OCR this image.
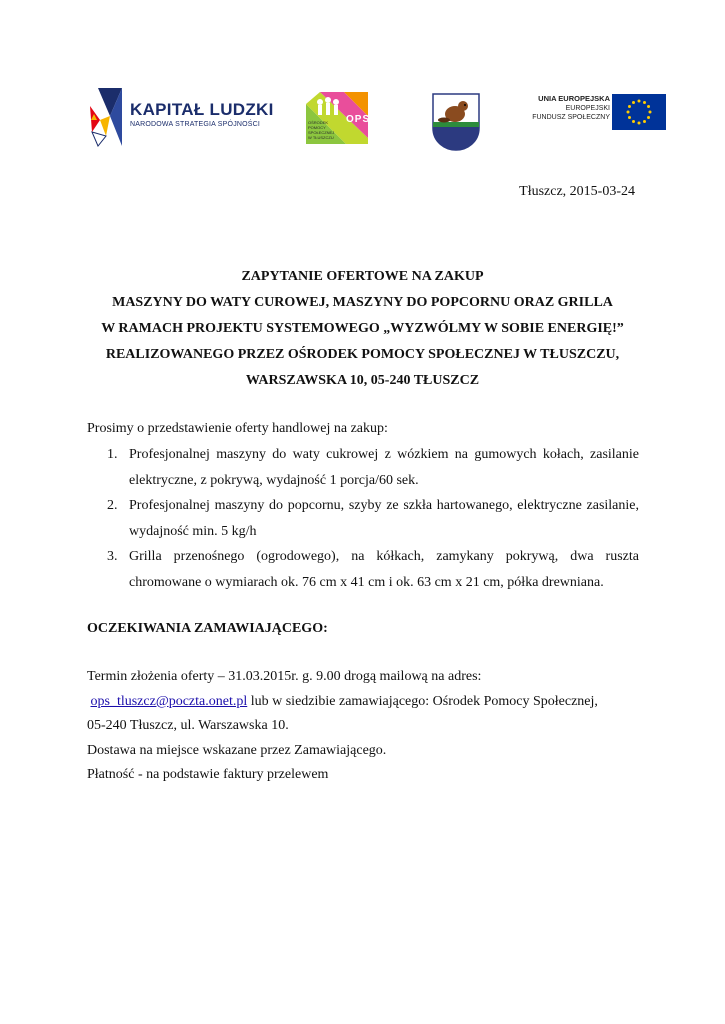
KAPITAŁ LUDZKI
NARODOWA STRATEGIA SPÓJNOŚCI	OŚRODEK POMOCY SPOŁECZNEJ W TŁUSZCZU
OPS
UNIA EUROPEJSKA
EUROPEJSKI
FUNDUSZ SPOŁECZNY
Tłuszcz, 2015-03-24
ZAPYTANIE OFERTOWE NA ZAKUP
MASZYNY DO WATY CUROWEJ, MASZYNY DO POPCORNU ORAZ GRILLA
W RAMACH PROJEKTU SYSTEMOWEGO „WYZWÓLMY W SOBIE ENERGIĘ!”
REALIZOWANEGO PRZEZ OŚRODEK POMOCY SPOŁECZNEJ W TŁUSZCZU,
WARSZAWSKA 10, 05-240 TŁUSZCZ
Prosimy o przedstawienie oferty handlowej na zakup:
1. Profesjonalnej maszyny do waty cukrowej z wózkiem na gumowych kołach, zasilanie elektryczne, z pokrywą, wydajność 1 porcja/60 sek.
2. Profesjonalnej maszyny do popcornu, szyby ze szkła hartowanego, elektryczne zasilanie, wydajność min. 5 kg/h
3. Grilla przenośnego (ogrodowego), na kółkach, zamykany pokrywą, dwa ruszta chromowane o wymiarach ok. 76 cm x 41 cm i ok. 63 cm x 21 cm, półka drewniana.
OCZEKIWANIA ZAMAWIAJĄCEGO:
Termin złożenia oferty – 31.03.2015r. g. 9.00 drogą mailową na adres:
ops_tluszcz@poczta.onet.pl lub w siedzibie zamawiającego: Ośrodek Pomocy Społecznej,
05-240 Tłuszcz, ul. Warszawska 10.
Dostawa na miejsce wskazane przez Zamawiającego.
Płatność - na podstawie faktury przelewem
